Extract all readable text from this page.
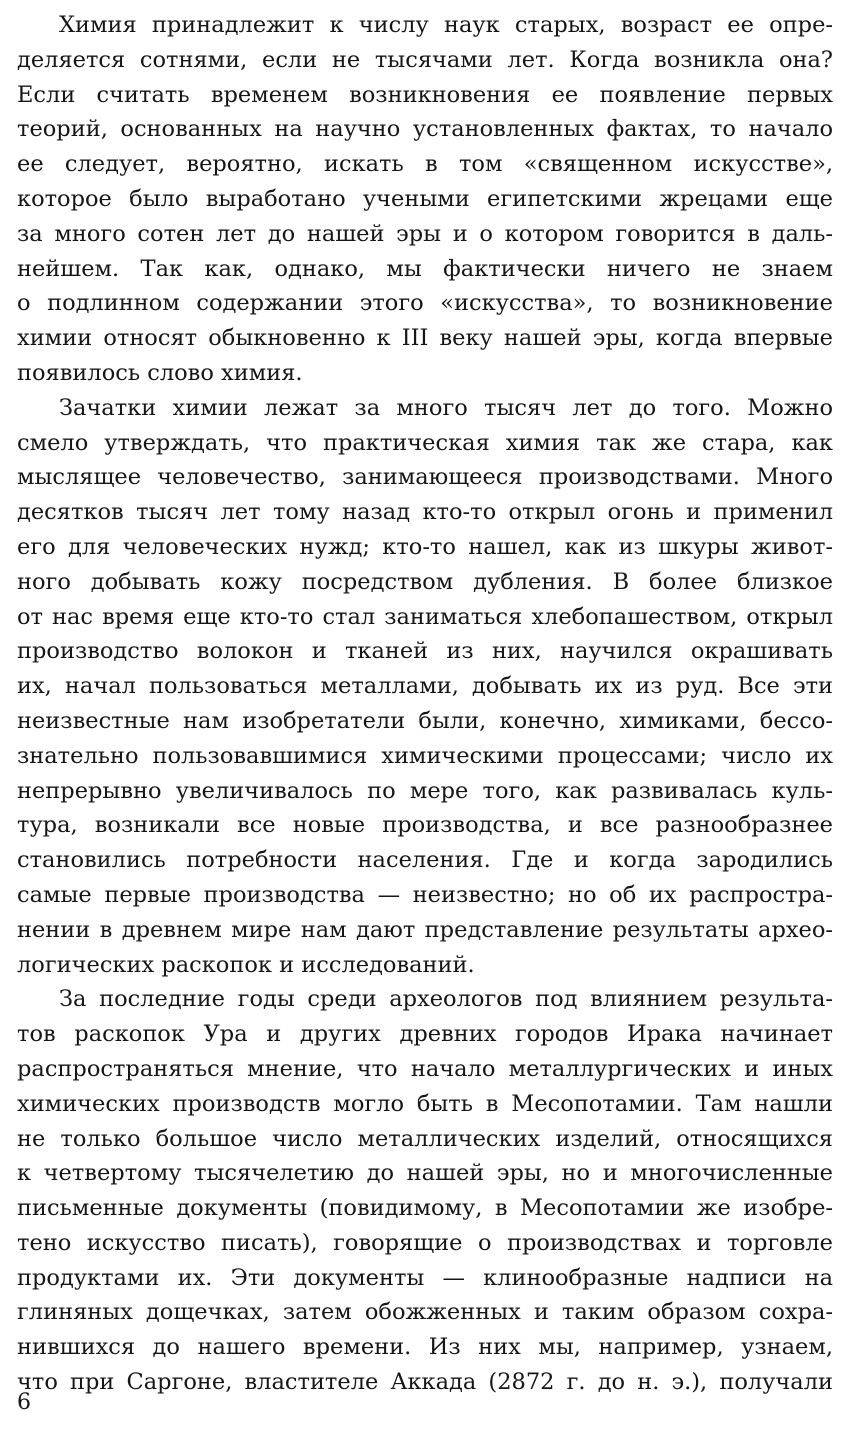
Химия принадлежит к числу наук старых, возраст ее опре-
деляется сотнями, если не тысячами лет. Когда возникла она?
Если считать временем возникновения ее появление первых
теорий, основанных на научно установленных фактах, то начало
ее следует, вероятно, искать в том «священном искусстве»,
которое было выработано учеными египетскими жрецами еще
за много сотен лет до нашей эры и о котором говорится в даль-
нейшем. Так как, однако, мы фактически ничего не знаем
о подлинном содержании этого «искусства», то возникновение
химии относят обыкновенно к III веку нашей эры, когда впервые
появилось слово химия.
Зачатки химии лежат за много тысяч лет до того. Можно
смело утверждать, что практическая химия так же стара, как
мыслящее человечество, занимающееся производствами. Много
десятков тысяч лет тому назад кто-то открыл огонь и применил
его для человеческих нужд; кто-то нашел, как из шкуры живот-
ного добывать кожу посредством дубления. В более близкое
от нас время еще кто-то стал заниматься хлебопашеством, открыл
производство волокон и тканей из них, научился окрашивать
их, начал пользоваться металлами, добывать их из руд. Все эти
неизвестные нам изобретатели были, конечно, химиками, бессо-
знательно пользовавшимися химическими процессами; число их
непрерывно увеличивалось по мере того, как развивалась куль-
тура, возникали все новые производства, и все разнообразнее
становились потребности населения. Где и когда зародились
самые первые производства — неизвестно; но об их распростра-
нении в древнем мире нам дают представление результаты архео-
логических раскопок и исследований.
За последние годы среди археологов под влиянием результа-
тов раскопок Ура и других древних городов Ирака начинает
распространяться мнение, что начало металлургических и иных
химических производств могло быть в Месопотамии. Там нашли
не только большое число металлических изделий, относящихся
к четвертому тысячелетию до нашей эры, но и многочисленные
письменные документы (повидимому, в Месопотамии же изобре-
тено искусство писать), говорящие о производствах и торговле
продуктами их. Эти документы — клинообразные надписи на
глиняных дощечках, затем обожженных и таким образом сохра-
нившихся до нашего времени. Из них мы, например, узнаем,
что при Саргоне, властителе Аккада (2872 г. до н. э.), получали
6
